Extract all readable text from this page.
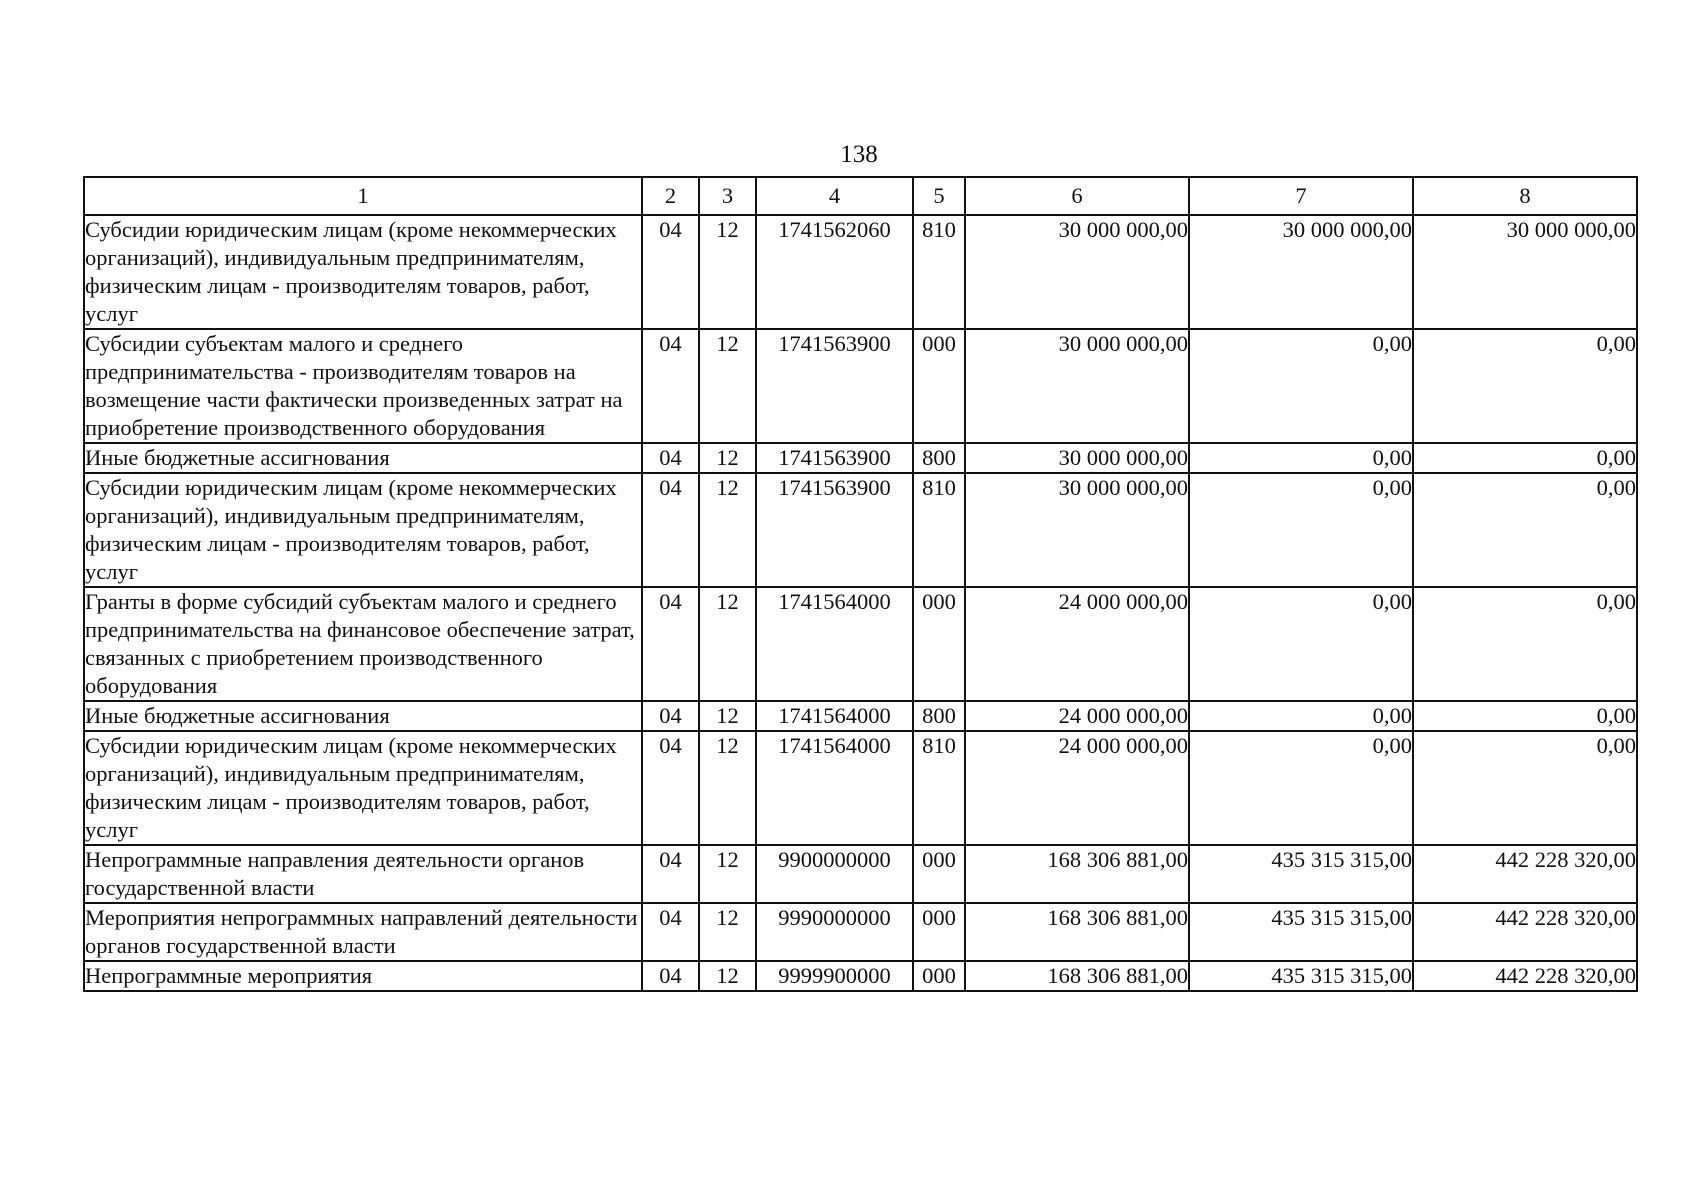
138
1	2	3	4	5	6	7	8
Субсидии юридическим лицам (кроме некоммерческих организаций), индивидуальным предпринимателям, физическим лицам - производителям товаров, работ, услуг	04	12	1741562060	810	30 000 000,00	30 000 000,00	30 000 000,00
Субсидии субъектам малого и среднего предпринимательства - производителям товаров на возмещение части фактически произведенных затрат на приобретение производственного оборудования	04	12	1741563900	000	30 000 000,00	0,00	0,00
Иные бюджетные ассигнования	04	12	1741563900	800	30 000 000,00	0,00	0,00
Субсидии юридическим лицам (кроме некоммерческих организаций), индивидуальным предпринимателям, физическим лицам - производителям товаров, работ, услуг	04	12	1741563900	810	30 000 000,00	0,00	0,00
Гранты в форме субсидий субъектам малого и среднего предпринимательства на финансовое обеспечение затрат, связанных с приобретением производственного оборудования	04	12	1741564000	000	24 000 000,00	0,00	0,00
Иные бюджетные ассигнования	04	12	1741564000	800	24 000 000,00	0,00	0,00
Субсидии юридическим лицам (кроме некоммерческих организаций), индивидуальным предпринимателям, физическим лицам - производителям товаров, работ, услуг	04	12	1741564000	810	24 000 000,00	0,00	0,00
Непрограммные направления деятельности органов государственной власти	04	12	9900000000	000	168 306 881,00	435 315 315,00	442 228 320,00
Мероприятия непрограммных направлений деятельности органов государственной власти	04	12	9990000000	000	168 306 881,00	435 315 315,00	442 228 320,00
Непрограммные мероприятия	04	12	9999900000	000	168 306 881,00	435 315 315,00	442 228 320,00
